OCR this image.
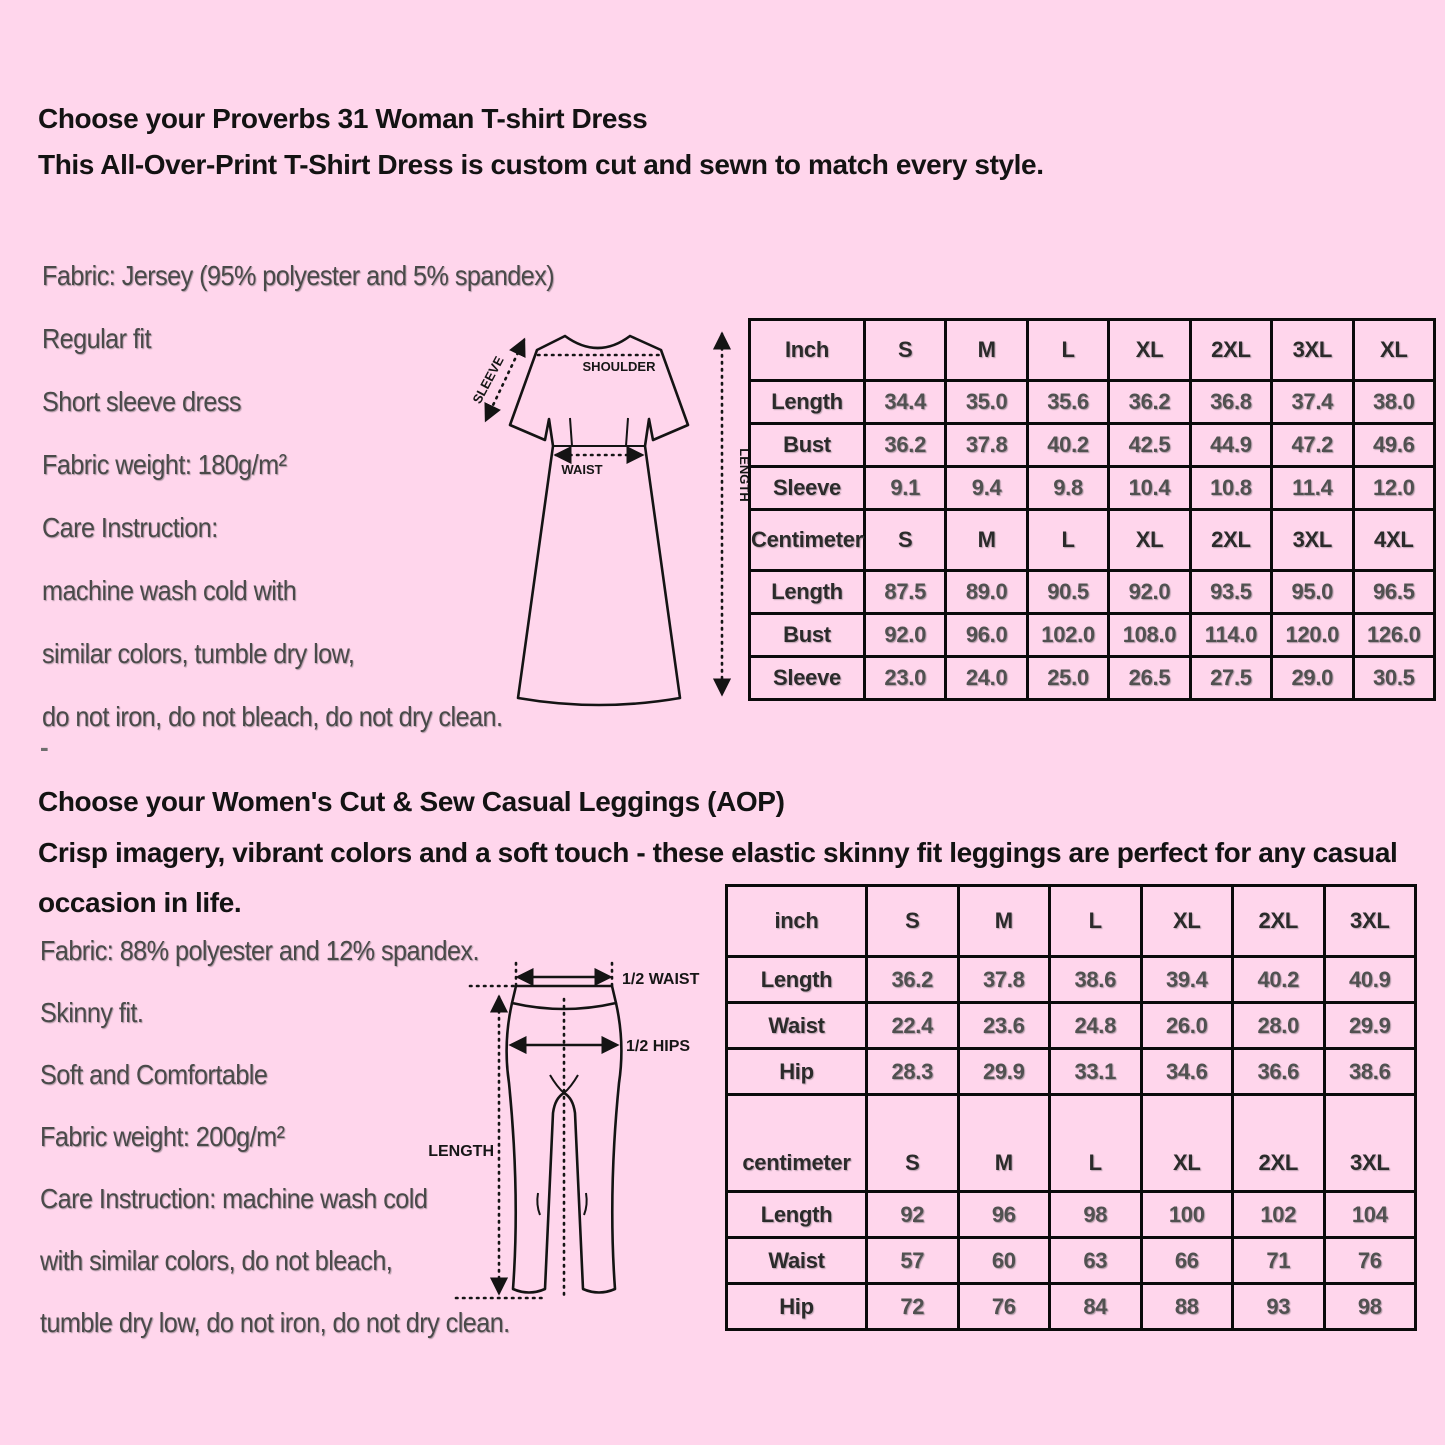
Choose your Proverbs 31 Woman T-shirt Dress
This All-Over-Print T-Shirt Dress is custom cut and sewn to match every style.
Fabric: Jersey (95% polyester and 5% spandex)
Regular fit
Short sleeve dress
Fabric weight: 180g/m²
Care Instruction:
machine wash cold with
similar colors, tumble dry low,
do not iron, do not bleach, do not dry clean.
-
SHOULDER
WAIST
SLEEVE
LENGTH
Inch	S	M	L	XL	2XL	3XL	XL
Length	34.4	35.0	35.6	36.2	36.8	37.4	38.0
Bust	36.2	37.8	40.2	42.5	44.9	47.2	49.6
Sleeve	9.1	9.4	9.8	10.4	10.8	11.4	12.0
Centimeter	S	M	L	XL	2XL	3XL	4XL
Length	87.5	89.0	90.5	92.0	93.5	95.0	96.5
Bust	92.0	96.0	102.0	108.0	114.0	120.0	126.0
Sleeve	23.0	24.0	25.0	26.5	27.5	29.0	30.5
Choose your Women's Cut & Sew Casual Leggings (AOP)
Crisp imagery, vibrant colors and a soft touch - these elastic skinny fit leggings are perfect for any casual
occasion in life.
Fabric: 88% polyester and 12% spandex.
Skinny fit.
Soft and Comfortable
Fabric weight: 200g/m²
Care Instruction: machine wash cold
with similar colors, do not bleach,
tumble dry low, do not iron, do not dry clean.
1/2 WAIST
1/2 HIPS
LENGTH
inch	S	M	L	XL	2XL	3XL
Length	36.2	37.8	38.6	39.4	40.2	40.9
Waist	22.4	23.6	24.8	26.0	28.0	29.9
Hip	28.3	29.9	33.1	34.6	36.6	38.6
centimeter	S	M	L	XL	2XL	3XL
Length	92	96	98	100	102	104
Waist	57	60	63	66	71	76
Hip	72	76	84	88	93	98
